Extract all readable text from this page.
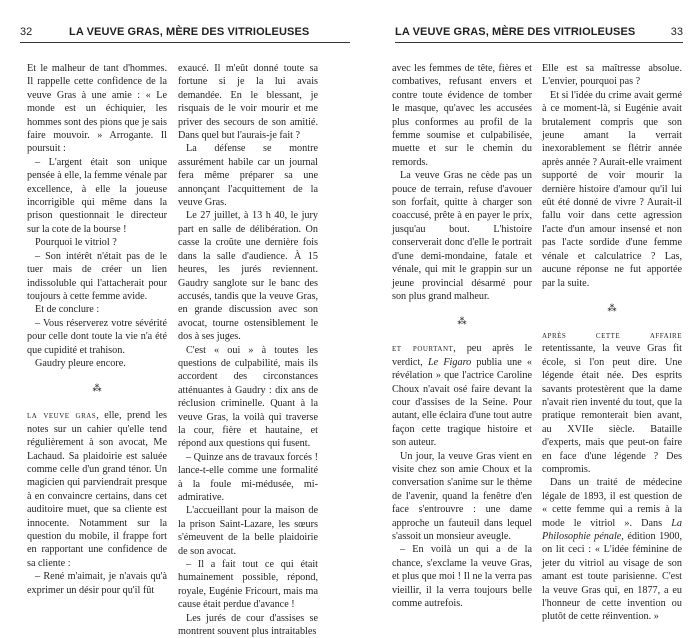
32	LA VEUVE GRAS, MÈRE DES VITRIOLEUSES

Et le malheur de tant d'hommes. Il rappelle cette confidence de la veuve Gras à une amie : « Le monde est un échiquier, les hommes sont des pions que je sais faire mouvoir. » Arrogante. Il poursuit :

– L'argent était son unique pensée à elle, la femme vénale par excellence, à elle la joueuse incorrigible qui même dans la prison questionnait le directeur sur la cote de la bourse !

Pourquoi le vitriol ?

– Son intérêt n'était pas de le tuer mais de créer un lien indissoluble qui l'attacherait pour toujours à cette femme avide.

Et de conclure :

– Vous réserverez votre sévérité pour celle dont toute la vie n'a été que cupidité et trahison.

Gaudry pleure encore.

⁂

la veuve gras, elle, prend les notes sur un cahier qu'elle tend régulièrement à son avocat, Me Lachaud. Sa plaidoirie est saluée comme celle d'un grand ténor. Un magicien qui parviendrait presque à en convaincre certains, dans cet auditoire muet, que sa cliente est innocente. Notamment sur la question du mobile, il frappe fort en rapportant une confidence de sa cliente :

– René m'aimait, je n'avais qu'à exprimer un désir pour qu'il fût

exaucé. Il m'eût donné toute sa fortune si je la lui avais demandée. En le blessant, je risquais de le voir mourir et me priver des secours de son amitié. Dans quel but l'aurais-je fait ?

La défense se montre assurément habile car un journal fera même préparer sa une annonçant l'acquittement de la veuve Gras.

Le 27 juillet, à 13 h 40, le jury part en salle de délibération. On casse la croûte une dernière fois dans la salle d'audience. À 15 heures, les jurés reviennent. Gaudry sanglote sur le banc des accusés, tandis que la veuve Gras, en grande discussion avec son avocat, tourne ostensiblement le dos à ses juges.

C'est « oui » à toutes les questions de culpabilité, mais ils accordent des circonstances atténuantes à Gaudry : dix ans de réclusion criminelle. Quant à la veuve Gras, la voilà qui traverse la cour, fière et hautaine, et répond aux questions qui fusent.

– Quinze ans de travaux forcés ! lance-t-elle comme une formalité à la foule mi-médusée, mi-admirative.

L'accueillant pour la maison de la prison Saint-Lazare, les sœurs s'émeuvent de la belle plaidoirie de son avocat.

– Il a fait tout ce qui était humainement possible, répond, royale, Eugénie Fricourt, mais ma cause était perdue d'avance !

Les jurés de cour d'assises se montrent souvent plus intraitables

LA VEUVE GRAS, MÈRE DES VITRIOLEUSES	33

avec les femmes de tête, fières et combatives, refusant envers et contre toute évidence de tomber le masque, qu'avec les accusées plus conformes au profil de la femme soumise et culpabilisée, muette et sur le chemin du remords.

La veuve Gras ne cède pas un pouce de terrain, refuse d'avouer son forfait, quitte à charger son coaccusé, prête à en payer le prix, jusqu'au bout. L'histoire conserverait donc d'elle le portrait d'une demi-mondaine, fatale et vénale, qui mit le grappin sur un jeune provincial désarmé pour son plus grand malheur.

⁂

et pourtant, peu après le verdict, Le Figaro publia une « révélation » que l'actrice Caroline Choux n'avait osé faire devant la cour d'assises de la Seine. Pour autant, elle éclaira d'une tout autre façon cette tragique histoire et son auteur.

Un jour, la veuve Gras vient en visite chez son amie Choux et la conversation s'anime sur le thème de l'avenir, quand la fenêtre d'en face s'entrouvre : une dame approche un fauteuil dans lequel s'assoit un monsieur aveugle.

– En voilà un qui a de la chance, s'exclame la veuve Gras, et plus que moi ! Il ne la verra pas vieillir, il la verra toujours belle comme autrefois.

Elle est sa maîtresse absolue. L'envier, pourquoi pas ?

Et si l'idée du crime avait germé à ce moment-là, si Eugénie avait brutalement compris que son jeune amant la verrait inexorablement se flétrir année après année ? Aurait-elle vraiment supporté de voir mourir la dernière histoire d'amour qu'il lui eût été donné de vivre ? Aurait-il fallu voir dans cette agression l'acte d'un amour insensé et non pas l'acte sordide d'une femme vénale et calculatrice ? Las, aucune réponse ne fut apportée par la suite.

⁂

après cette affaire retentissante, la veuve Gras fit école, si l'on peut dire. Une légende était née. Des esprits savants protestèrent que la dame n'avait rien inventé du tout, que la pratique remonterait bien avant, au XVIIe siècle. Bataille d'experts, mais que peut-on faire en face d'une légende ? Des compromis.

Dans un traité de médecine légale de 1893, il est question de « cette femme qui a remis à la mode le vitriol ». Dans La Philosophie pénale, édition 1900, on lit ceci : « L'idée féminine de jeter du vitriol au visage de son amant est toute parisienne. C'est la veuve Gras qui, en 1877, a eu l'honneur de cette invention ou plutôt de cette réinvention. »
